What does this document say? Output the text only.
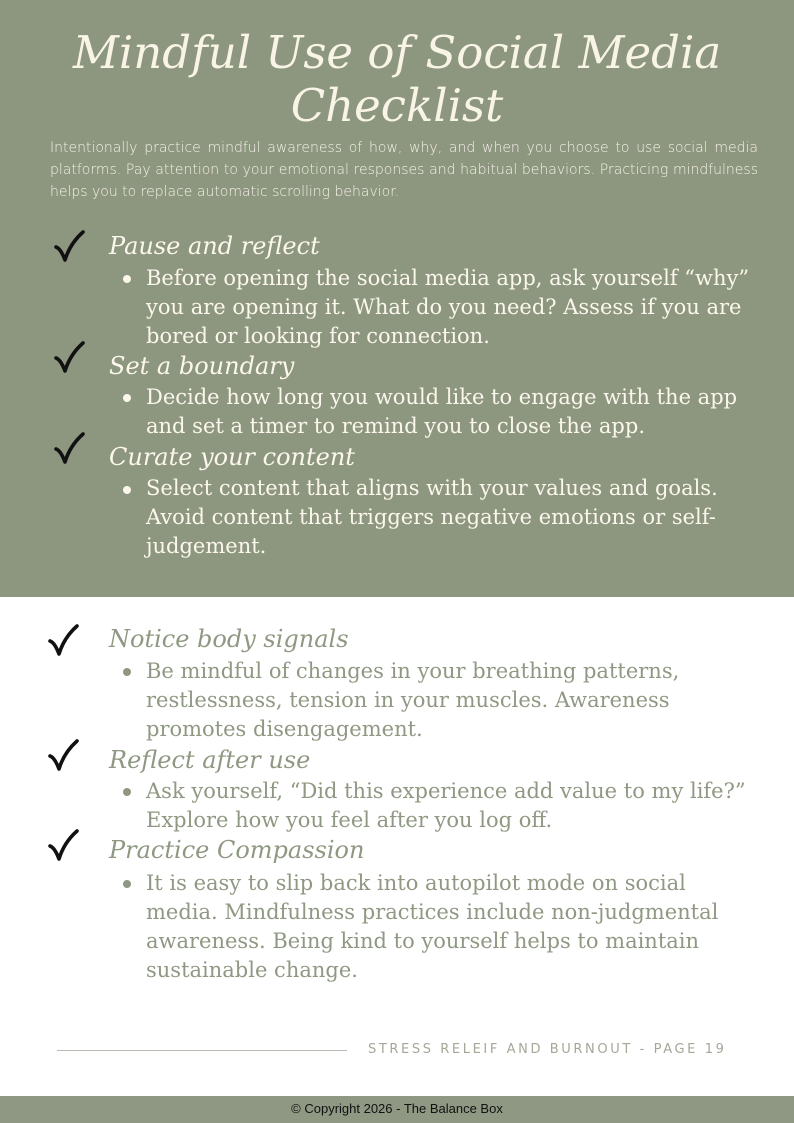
Mindful Use of Social Media
Checklist
Intentionally practice mindful awareness of how, why, and when you choose to use social media platforms. Pay attention to your emotional responses and habitual behaviors. Practicing mindfulness helps you to replace automatic scrolling behavior.
Pause and reflect
Before opening the social media app, ask yourself “why” you are opening it. What do you need? Assess if you are bored or looking for connection.
Set a boundary
Decide how long you would like to engage with the app and set a timer to remind you to close the app.
Curate your content
Select content that aligns with your values and goals. Avoid content that triggers negative emotions or self-judgement.
Notice body signals
Be mindful of changes in your breathing patterns, restlessness, tension in your muscles. Awareness promotes disengagement.
Reflect after use
Ask yourself, “Did this experience add value to my life?” Explore how you feel after you log off.
Practice Compassion
It is easy to slip back into autopilot mode on social media. Mindfulness practices include non-judgmental awareness. Being kind to yourself helps to maintain sustainable change.
STRESS RELEIF AND BURNOUT - PAGE 19
© Copyright 2026 - The Balance Box
